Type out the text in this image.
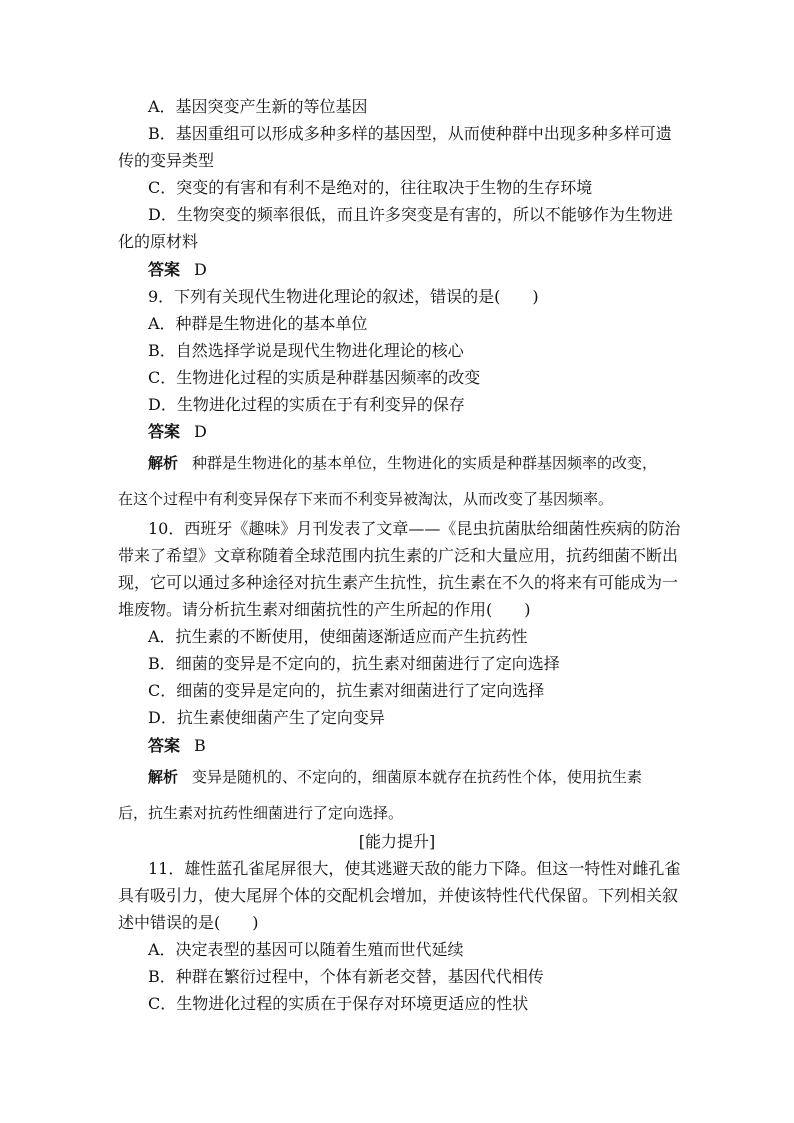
A．基因突变产生新的等位基因
B．基因重组可以形成多种多样的基因型，从而使种群中出现多种多样可遗
传的变异类型
C．突变的有害和有利不是绝对的，往往取决于生物的生存环境
D．生物突变的频率很低，而且许多突变是有害的，所以不能够作为生物进
化的原材料
答案 D
9．下列有关现代生物进化理论的叙述，错误的是(　　)
A．种群是生物进化的基本单位
B．自然选择学说是现代生物进化理论的核心
C．生物进化过程的实质是种群基因频率的改变
D．生物进化过程的实质在于有利变异的保存
答案 D
解析 种群是生物进化的基本单位，生物进化的实质是种群基因频率的改变，
在这个过程中有利变异保存下来而不利变异被淘汰，从而改变了基因频率。
10．西班牙《趣味》月刊发表了文章——《昆虫抗菌肽给细菌性疾病的防治
带来了希望》文章称随着全球范围内抗生素的广泛和大量应用，抗药细菌不断出
现，它可以通过多种途径对抗生素产生抗性，抗生素在不久的将来有可能成为一
堆废物。请分析抗生素对细菌抗性的产生所起的作用(　　)
A．抗生素的不断使用，使细菌逐渐适应而产生抗药性
B．细菌的变异是不定向的，抗生素对细菌进行了定向选择
C．细菌的变异是定向的，抗生素对细菌进行了定向选择
D．抗生素使细菌产生了定向变异
答案 B
解析 变异是随机的、不定向的，细菌原本就存在抗药性个体，使用抗生素
后，抗生素对抗药性细菌进行了定向选择。
[能力提升]
11．雄性蓝孔雀尾屏很大，使其逃避天敌的能力下降。但这一特性对雌孔雀
具有吸引力，使大尾屏个体的交配机会增加，并使该特性代代保留。下列相关叙
述中错误的是(　　)
A．决定表型的基因可以随着生殖而世代延续
B．种群在繁衍过程中，个体有新老交替，基因代代相传
C．生物进化过程的实质在于保存对环境更适应的性状
